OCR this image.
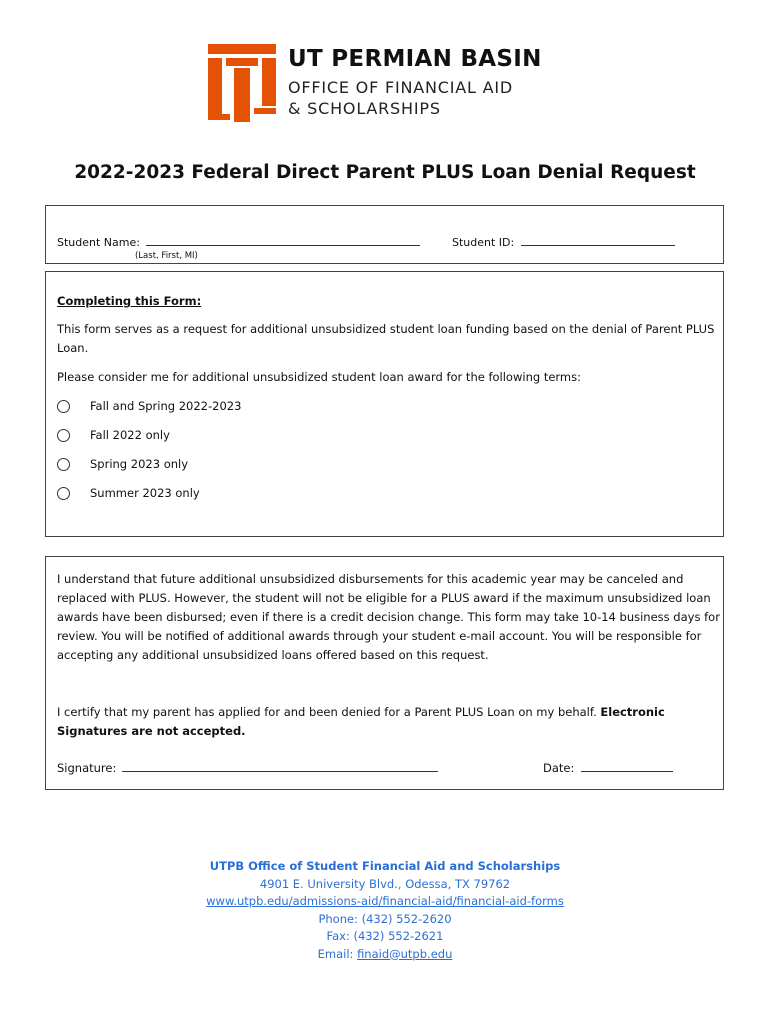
UT PERMIAN BASIN
OFFICE OF FINANCIAL AID
& SCHOLARSHIPS
2022-2023 Federal Direct Parent PLUS Loan Denial Request
Student Name:
(Last, First, MI)
Student ID:
Completing this Form:
This form serves as a request for additional unsubsidized student loan funding based on the denial of Parent PLUS
Loan.
Please consider me for additional unsubsidized student loan award for the following terms:
Fall and Spring 2022-2023
Fall 2022 only
Spring 2023 only
Summer 2023 only
I understand that future additional unsubsidized disbursements for this academic year may be canceled and
replaced with PLUS. However, the student will not be eligible for a PLUS award if the maximum unsubsidized loan
awards have been disbursed; even if there is a credit decision change. This form may take 10-14 business days for
review. You will be notified of additional awards through your student e-mail account. You will be responsible for
accepting any additional unsubsidized loans offered based on this request.
I certify that my parent has applied for and been denied for a Parent PLUS Loan on my behalf. Electronic
Signatures are not accepted.
Signature:	Date:
UTPB Office of Student Financial Aid and Scholarships
4901 E. University Blvd., Odessa, TX 79762
www.utpb.edu/admissions-aid/financial-aid/financial-aid-forms
Phone: (432) 552-2620
Fax: (432) 552-2621
Email: finaid@utpb.edu
